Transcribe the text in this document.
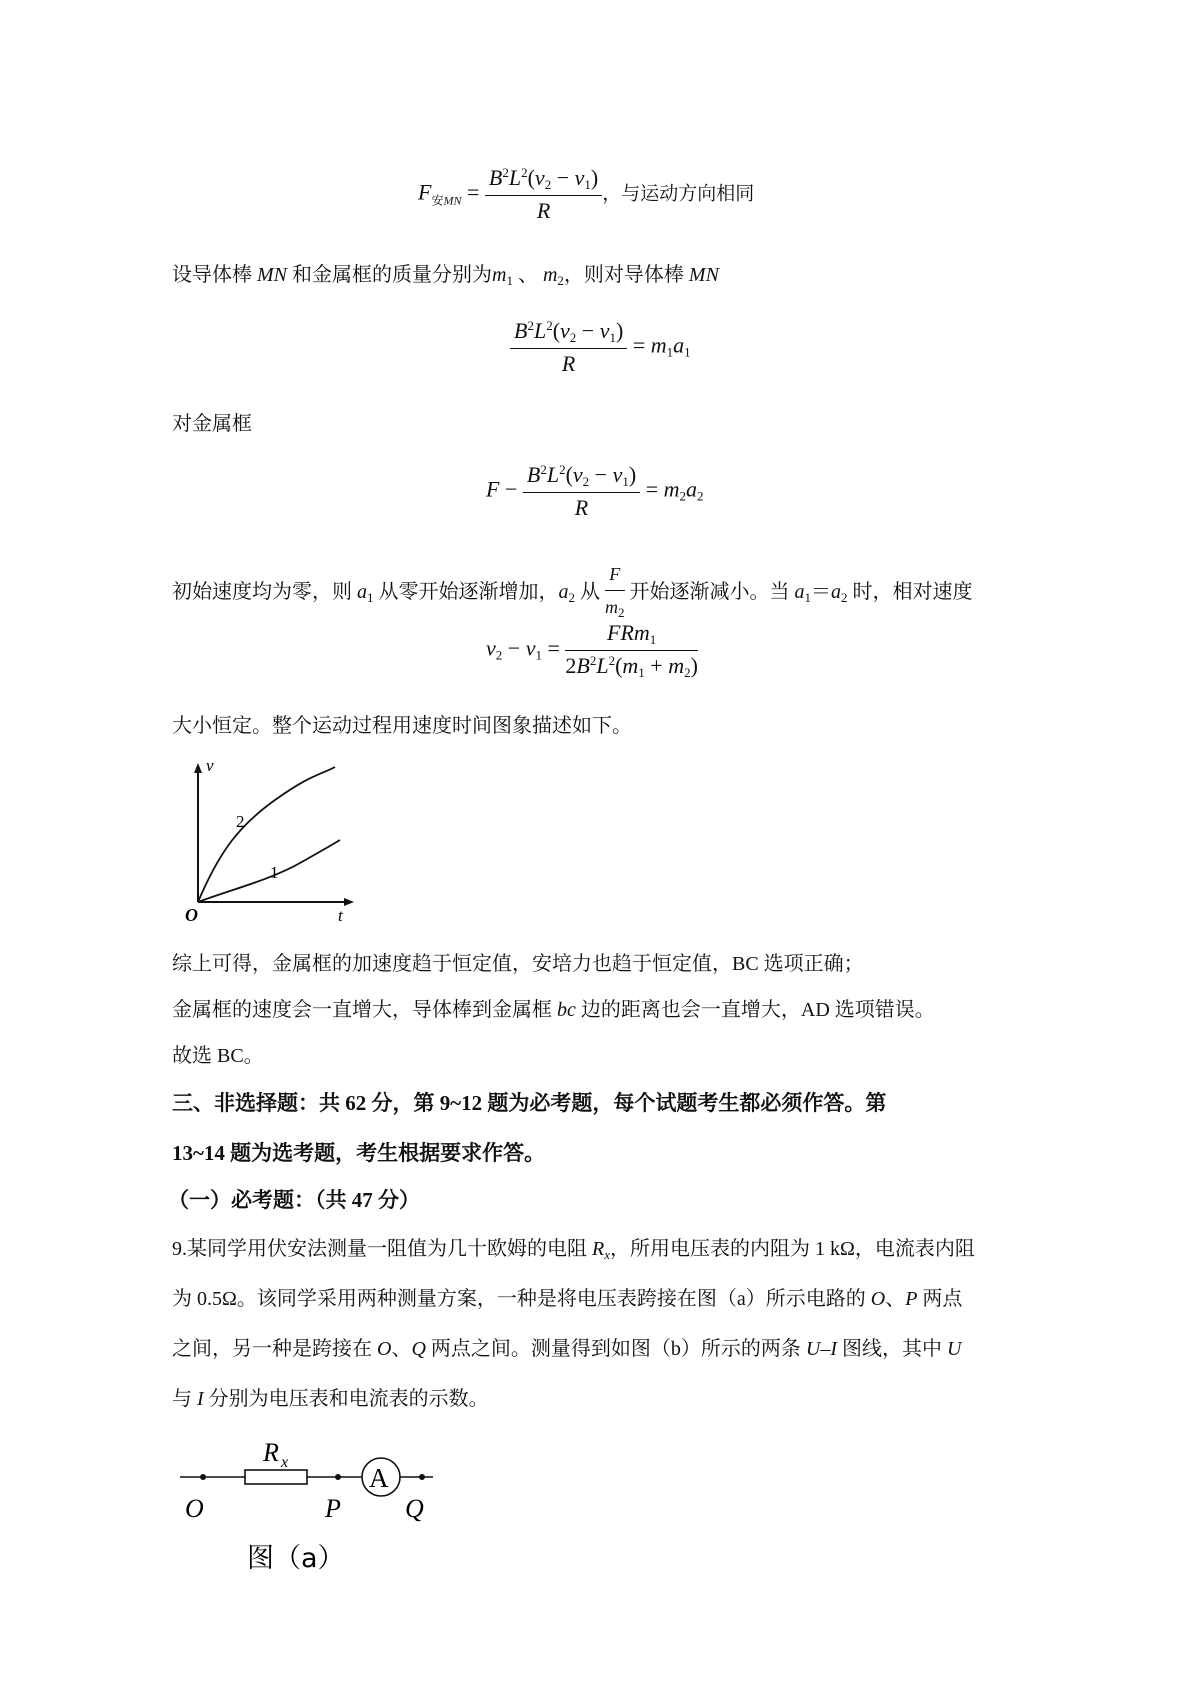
$F_{安MN} = \frac{B^2L^2(v_2 - v_1)}{R}$ ，与运动方向相同
设导体棒 MN 和金属框的质量分别为$m_1$ 、 $m_2$，则对导体棒 MN
$\frac{B^2L^2(v_2 - v_1)}{R} = m_1a_1$
对金属框
$F - \frac{B^2L^2(v_2 - v_1)}{R} = m_2a_2$
初始速度均为零，则 $a_1$ 从零开始逐渐增加，$a_2$ 从 $\frac{F}{m_2}$ 开始逐渐减小。当 $a_1=a_2$ 时，相对速度
$v_2 - v_1 = \frac{FRm_1}{2B^2L^2(m_1 + m_2)}$
大小恒定。整个运动过程用速度时间图象描述如下。
v
t
O
2
1
综上可得，金属框的加速度趋于恒定值，安培力也趋于恒定值，BC 选项正确；
金属框的速度会一直增大，导体棒到金属框 bc 边的距离也会一直增大，AD 选项错误。
故选 BC。
三、非选择题：共 62 分，第 9~12 题为必考题，每个试题考生都必须作答。第
13~14 题为选考题，考生根据要求作答。
（一）必考题：（共 47 分）
9.某同学用伏安法测量一阻值为几十欧姆的电阻 $R_x$，所用电压表的内阻为 1 kΩ，电流表内阻
为 0.5Ω。该同学采用两种测量方案，一种是将电压表跨接在图（a）所示电路的 O、P 两点
之间，另一种是跨接在 O、Q 两点之间。测量得到如图（b）所示的两条 U–I 图线，其中 U
与 I 分别为电压表和电流表的示数。
R x
A
O	P Q
图（a）
